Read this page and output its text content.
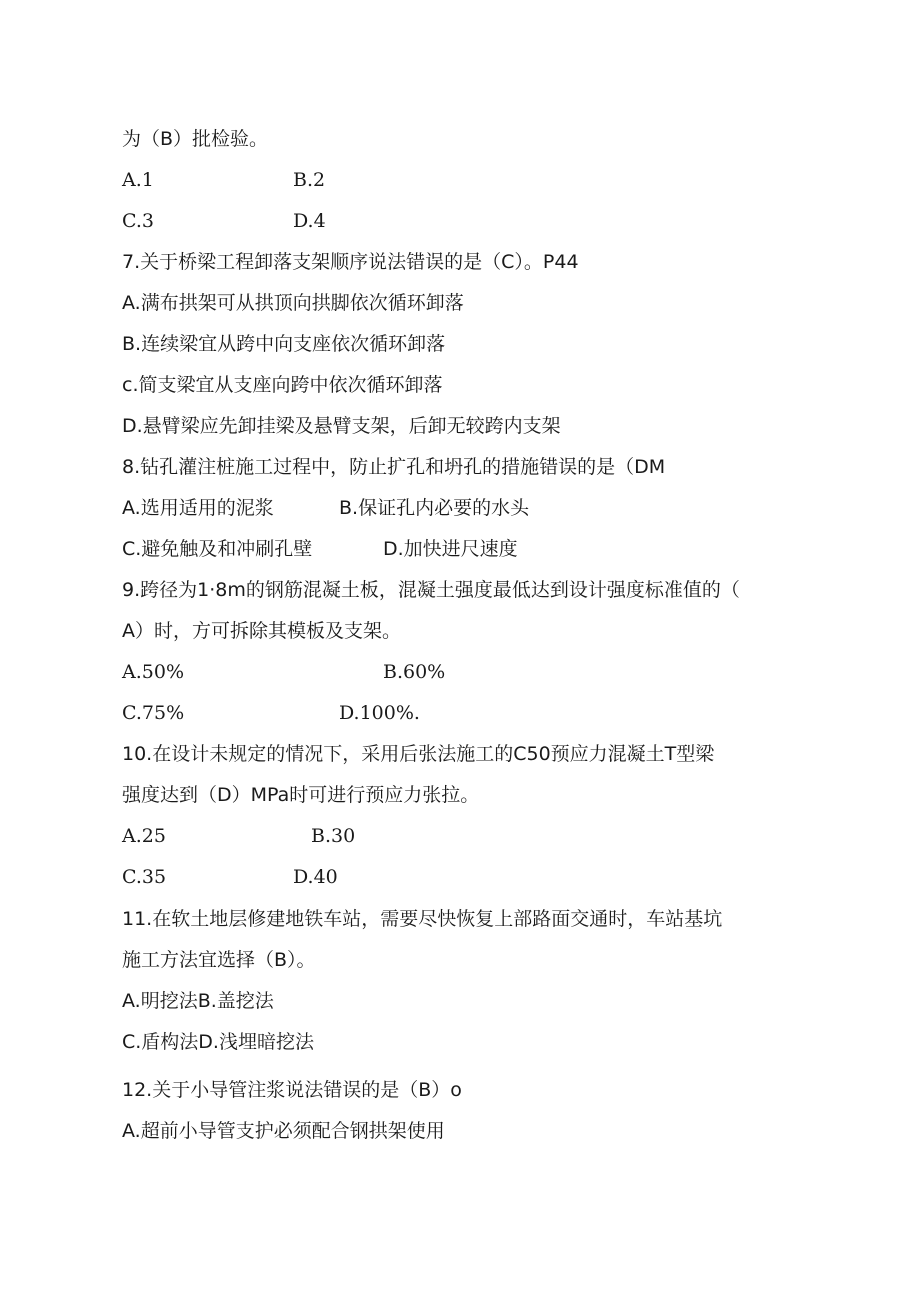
为（B）批检验。

A.1	B.2
C.3	D.4

7.关于桥梁工程卸落支架顺序说法错误的是（C）。P44

A.满布拱架可从拱顶向拱脚依次循环卸落

B.连续梁宜从跨中向支座依次循环卸落

c.简支梁宜从支座向跨中依次循环卸落

D.悬臂梁应先卸挂梁及悬臂支架，后卸无较跨内支架

8.钻孔灌注桩施工过程中，防止扩孔和坍孔的措施错误的是（DM

A.选用适用的泥浆	B.保证孔内必要的水头
C.避免触及和冲刷孔壁	D.加快进尺速度

9.跨径为1·8m的钢筋混凝土板，混凝土强度最低达到设计强度标准值的（

A）时，方可拆除其模板及支架。

A.50%	B.60%
C.75%	D.100%.

10.在设计未规定的情况下，采用后张法施工的C50预应力混凝土T型梁

强度达到（D）MPa时可进行预应力张拉。

A.25	B.30
C.35	D.40

11.在软土地层修建地铁车站，需要尽快恢复上部路面交通时，车站基坑

施工方法宜选择（B）。

A.明挖法B.盖挖法

C.盾构法D.浅埋暗挖法

12.关于小导管注浆说法错误的是（B）o

A.超前小导管支护必须配合钢拱架使用
